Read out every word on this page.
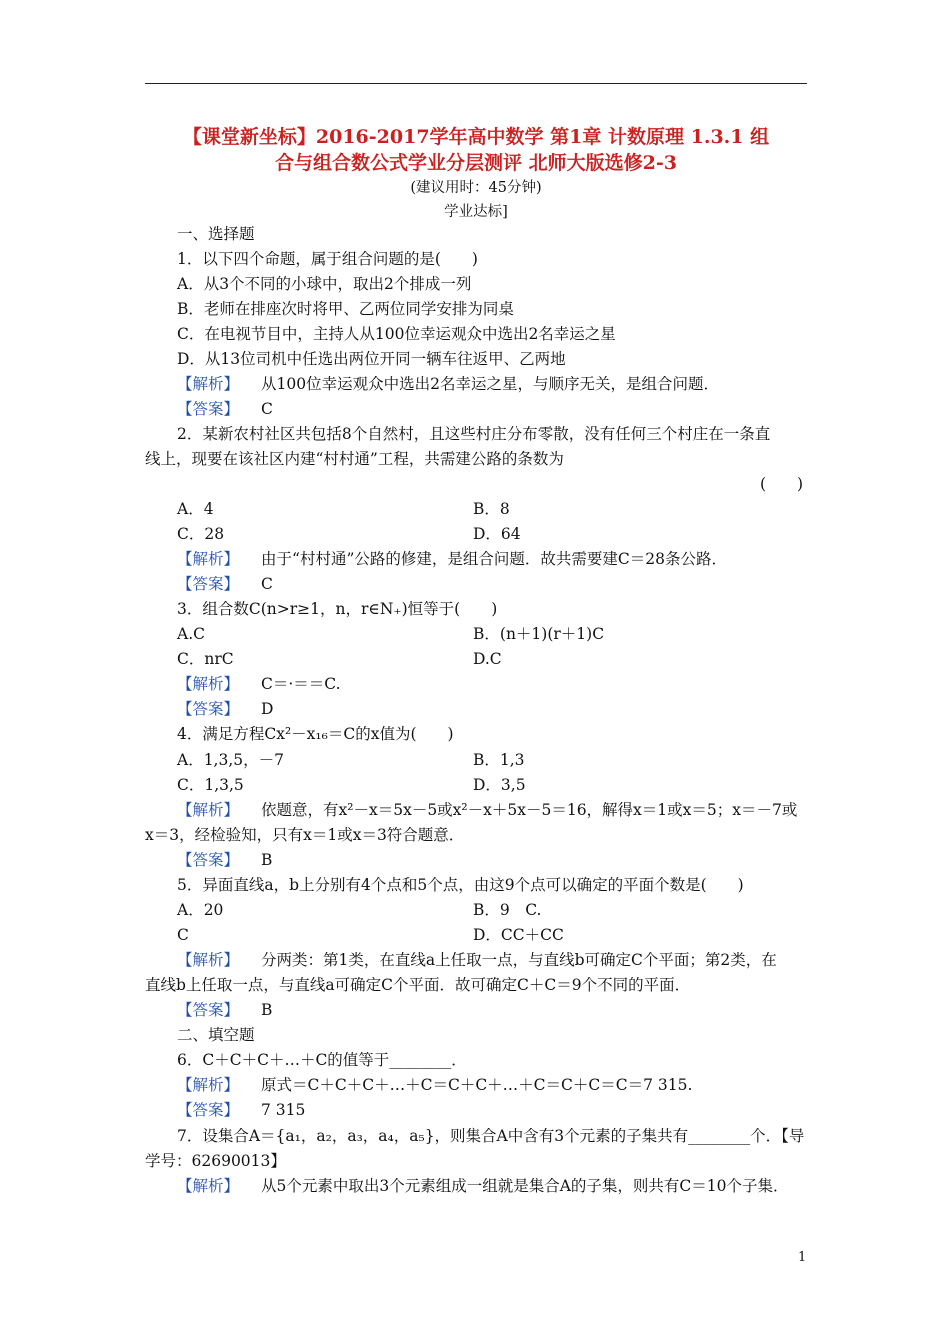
【课堂新坐标】2016-2017学年高中数学 第1章 计数原理 1.3.1 组
合与组合数公式学业分层测评 北师大版选修2-3
(建议用时：45分钟)
学业达标]
一、选择题
1．以下四个命题，属于组合问题的是(　　)
A．从3个不同的小球中，取出2个排成一列
B．老师在排座次时将甲、乙两位同学安排为同桌
C．在电视节目中，主持人从100位幸运观众中选出2名幸运之星
D．从13位司机中任选出两位开同一辆车往返甲、乙两地
【解析】 从100位幸运观众中选出2名幸运之星，与顺序无关，是组合问题．
【答案】 C
2．某新农村社区共包括8个自然村，且这些村庄分布零散，没有任何三个村庄在一条直
线上，现要在该社区内建“村村通”工程，共需建公路的条数为
(　　)
A．4	B．8
C．28	D．64
【解析】 由于“村村通”公路的修建，是组合问题．故共需要建C＝28条公路．
【答案】 C
3．组合数C(n>r≥1，n，r∈N₊)恒等于(　　)
A.C	B．(n＋1)(r＋1)C
C．nrC	D.C
【解析】 C＝·＝＝C.
【答案】 D
4．满足方程Cx²－x₁₆＝C的x值为(　　)
A．1,3,5，－7	B．1,3
C．1,3,5	D．3,5
【解析】 依题意，有x²－x＝5x－5或x²－x＋5x－5＝16，解得x＝1或x＝5；x＝－7或
x＝3，经检验知，只有x＝1或x＝3符合题意．
【答案】 B
5．异面直线a，b上分别有4个点和5个点，由这9个点可以确定的平面个数是(　　)
A．20	B．9　C.
C	D．CC＋CC
【解析】 分两类：第1类，在直线a上任取一点，与直线b可确定C个平面；第2类，在
直线b上任取一点，与直线a可确定C个平面．故可确定C＋C＝9个不同的平面．
【答案】 B
二、填空题
6．C＋C＋C＋…＋C的值等于________．
【解析】 原式＝C＋C＋C＋…＋C＝C＋C＋…＋C＝C＋C＝C＝7 315.
【答案】 7 315
7．设集合A＝{a₁，a₂，a₃，a₄，a₅}，则集合A中含有3个元素的子集共有________个．【导
学号：62690013】
【解析】 从5个元素中取出3个元素组成一组就是集合A的子集，则共有C＝10个子集．
1
